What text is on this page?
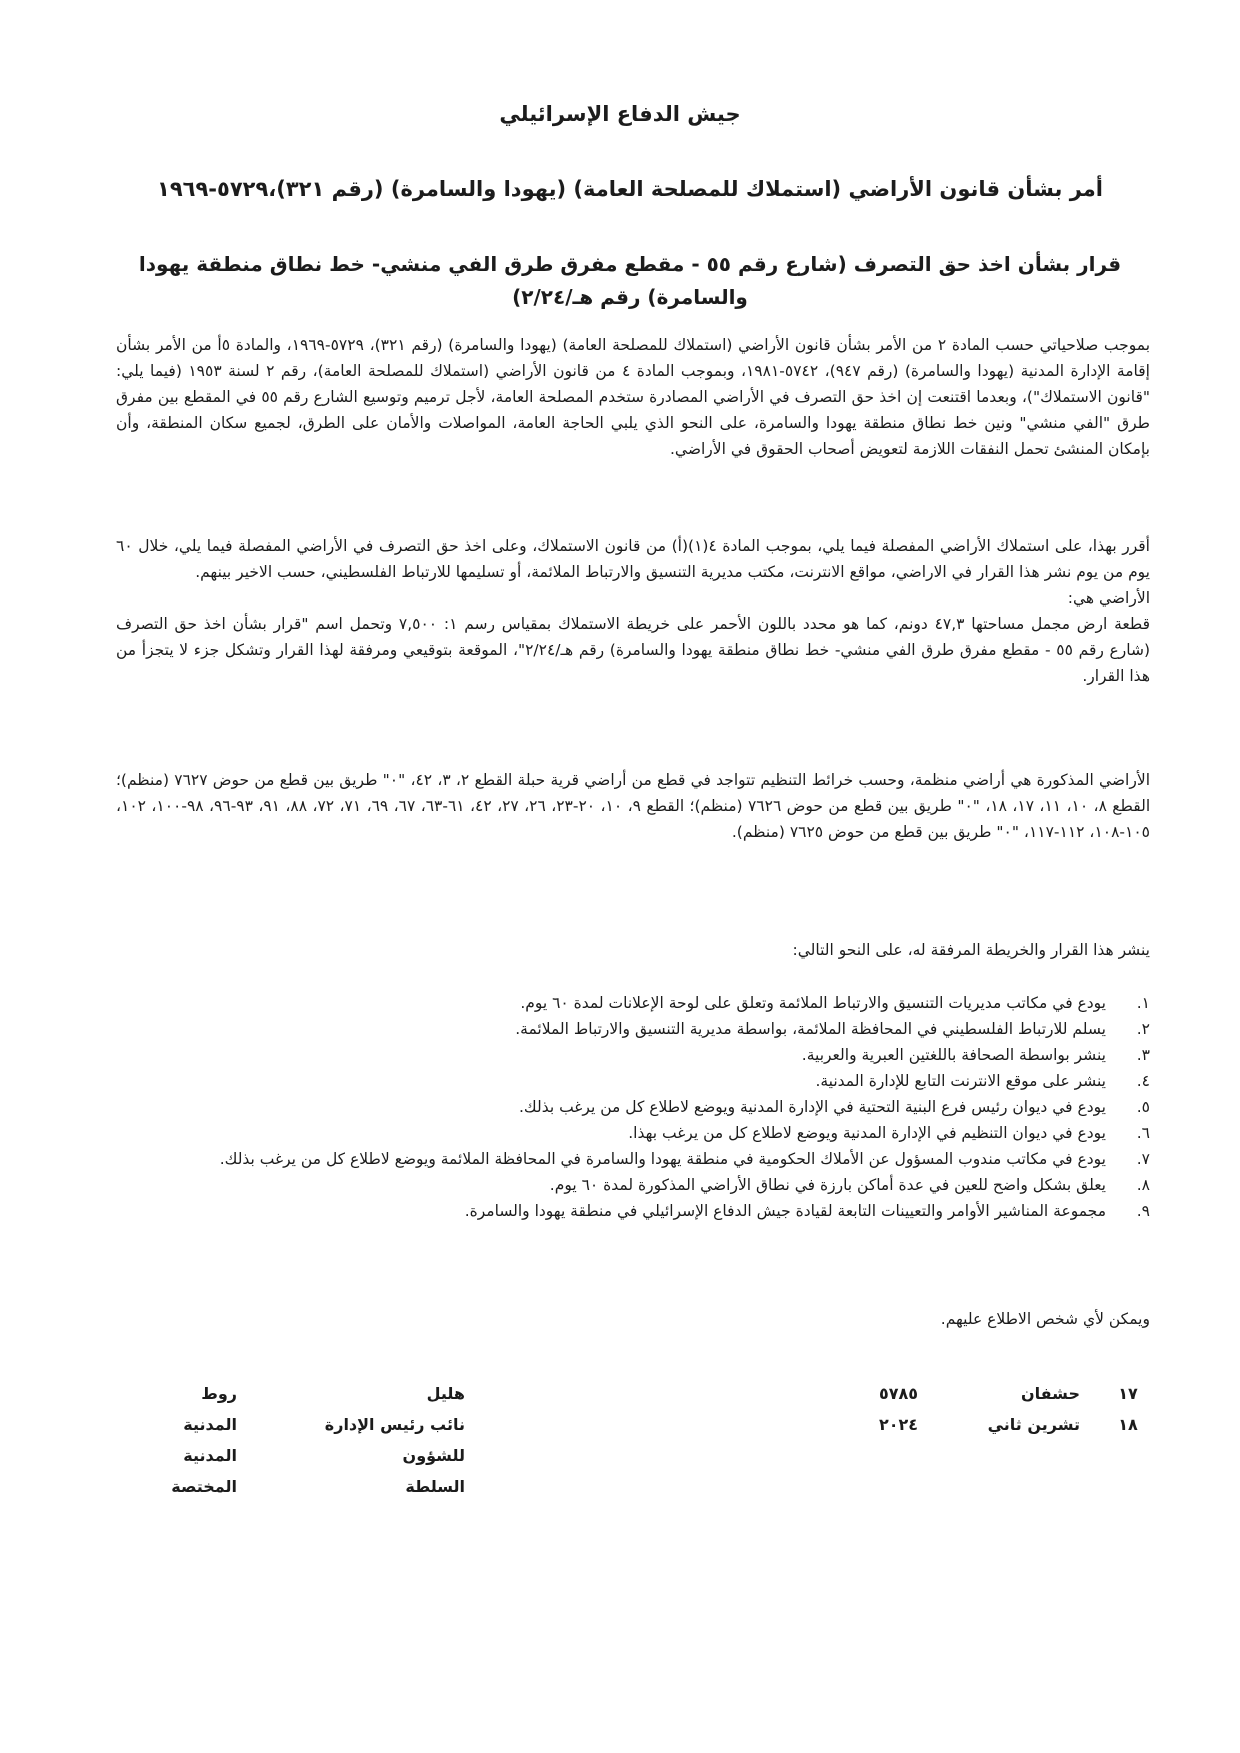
جيش الدفاع الإسرائيلي
أمر بشأن قانون الأراضي (استملاك للمصلحة العامة) (يهودا والسامرة) (رقم ٣٢١)،٥٧٢٩-١٩٦٩
قرار بشأن اخذ حق التصرف (شارع رقم ٥٥ - مقطع مفرق طرق الفي منشي- خط نطاق منطقة يهودا والسامرة) رقم هـ/٢/٢٤)
بموجب صلاحياتي حسب المادة ٢ من الأمر بشأن قانون الأراضي (استملاك للمصلحة العامة) (يهودا والسامرة) (رقم ٣٢١)، ٥٧٢٩-١٩٦٩، والمادة ٥أ من الأمر بشأن إقامة الإدارة المدنية (يهودا والسامرة) (رقم ٩٤٧)، ٥٧٤٢-١٩٨١، وبموجب المادة ٤ من قانون الأراضي (استملاك للمصلحة العامة)، رقم ٢ لسنة ١٩٥٣ (فيما يلي: "قانون الاستملاك")، وبعدما اقتنعت إن اخذ حق التصرف في الأراضي المصادرة ستخدم المصلحة العامة، لأجل ترميم وتوسيع الشارع رقم ٥٥ في المقطع بين مفرق طرق "الفي منشي" ونين خط نطاق منطقة يهودا والسامرة، على النحو الذي يلبي الحاجة العامة، المواصلات والأمان على الطرق، لجميع سكان المنطقة، وأن بإمكان المنشئ تحمل النفقات اللازمة لتعويض أصحاب الحقوق في الأراضي.
أقرر بهذا، على استملاك الأراضي المفصلة فيما يلي، بموجب المادة ٤(١)(أ) من قانون الاستملاك، وعلى اخذ حق التصرف في الأراضي المفصلة فيما يلي، خلال ٦٠ يوم من يوم نشر هذا القرار في الاراضي، مواقع الانترنت، مكتب مديرية التنسيق والارتباط الملائمة، أو تسليمها للارتباط الفلسطيني، حسب الاخير بينهم.
الأراضي هي:
قطعة ارض مجمل مساحتها ٤٧,٣ دونم، كما هو محدد باللون الأحمر على خريطة الاستملاك بمقياس رسم ١: ٧,٥٠٠ وتحمل اسم "قرار بشأن اخذ حق التصرف (شارع رقم ٥٥ - مقطع مفرق طرق الفي منشي- خط نطاق منطقة يهودا والسامرة) رقم هـ/٢/٢٤"، الموقعة بتوقيعي ومرفقة لهذا القرار وتشكل جزء لا يتجزأ من هذا القرار.
الأراضي المذكورة هي أراضي منظمة، وحسب خرائط التنظيم تتواجد في قطع من أراضي قرية حبلة القطع ٢، ٣، ٤٢، "٠" طريق بين قطع من حوض ٧٦٢٧ (منظم)؛ القطع ٨، ١٠، ١١، ١٧، ١٨، "٠" طريق بين قطع من حوض ٧٦٢٦ (منظم)؛ القطع ٩، ١٠، ٢٠-٢٣، ٢٦، ٢٧، ٤٢، ٦١-٦٣، ٦٧، ٦٩، ٧١، ٧٢، ٨٨، ٩١، ٩٣-٩٦، ٩٨-١٠٠، ١٠٢، ١٠٥-١٠٨، ١١٢-١١٧، "٠" طريق بين قطع من حوض ٧٦٢٥ (منظم).
ينشر هذا القرار والخريطة المرفقة له، على النحو التالي:
١.
يودع في مكاتب مديريات التنسيق والارتباط الملائمة وتعلق على لوحة الإعلانات لمدة ٦٠ يوم.
٢.
يسلم للارتباط الفلسطيني في المحافظة الملائمة، بواسطة مديرية التنسيق والارتباط الملائمة.
٣.
ينشر بواسطة الصحافة باللغتين العبرية والعربية.
٤.
ينشر على موقع الانترنت التابع للإدارة المدنية.
٥.
يودع في ديوان رئيس فرع البنية التحتية في الإدارة المدنية ويوضع لاطلاع كل من يرغب بذلك.
٦.
يودع في ديوان التنظيم في الإدارة المدنية ويوضع لاطلاع كل من يرغب بهذا.
٧.
يودع في مكاتب مندوب المسؤول عن الأملاك الحكومية في منطقة يهودا والسامرة في المحافظة الملائمة ويوضع لاطلاع كل من يرغب بذلك.
٨.
يعلق بشكل واضح للعين في عدة أماكن بارزة في نطاق الأراضي المذكورة لمدة ٦٠ يوم.
٩.
مجموعة المناشير الأوامر والتعيينات التابعة لقيادة جيش الدفاع الإسرائيلي في منطقة يهودا والسامرة.
ويمكن لأي شخص الاطلاع عليهم.
١٧
١٨
حشفان
تشرين ثاني
٥٧٨٥
٢٠٢٤
هليل
نائب رئيس الإدارة
للشؤون
السلطة
روط
المدنية
المدنية
المختصة
